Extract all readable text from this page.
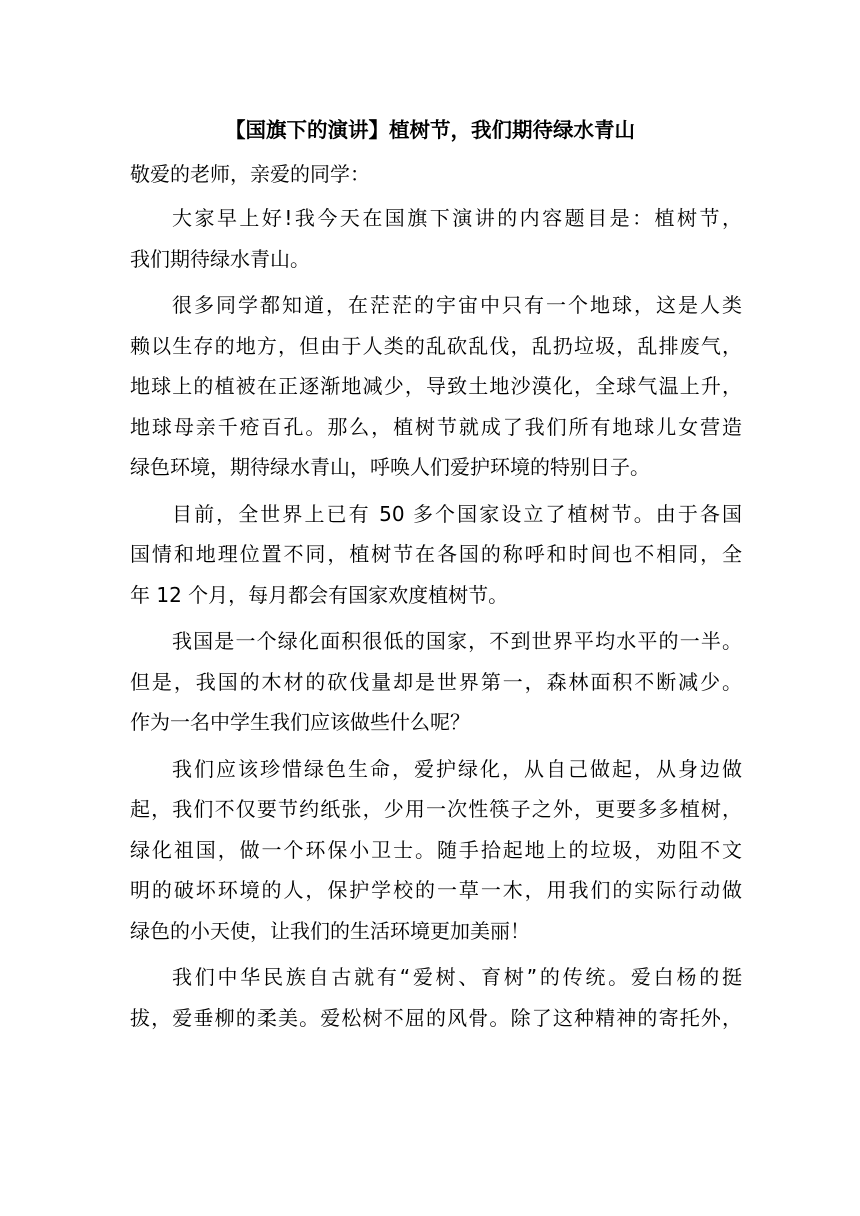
【国旗下的演讲】植树节，我们期待绿水青山

敬爱的老师，亲爱的同学：

大家早上好!我今天在国旗下演讲的内容题目是：植树节，
我们期待绿水青山。

很多同学都知道，在茫茫的宇宙中只有一个地球，这是人类
赖以生存的地方，但由于人类的乱砍乱伐，乱扔垃圾，乱排废气，
地球上的植被在正逐渐地减少，导致土地沙漠化，全球气温上升，
地球母亲千疮百孔。那么，植树节就成了我们所有地球儿女营造
绿色环境，期待绿水青山，呼唤人们爱护环境的特别日子。

目前，全世界上已有 50 多个国家设立了植树节。由于各国
国情和地理位置不同，植树节在各国的称呼和时间也不相同，全
年 12 个月，每月都会有国家欢度植树节。

我国是一个绿化面积很低的国家，不到世界平均水平的一半。
但是，我国的木材的砍伐量却是世界第一，森林面积不断减少。
作为一名中学生我们应该做些什么呢？

我们应该珍惜绿色生命，爱护绿化，从自己做起，从身边做
起，我们不仅要节约纸张，少用一次性筷子之外，更要多多植树，
绿化祖国，做一个环保小卫士。随手拾起地上的垃圾，劝阻不文
明的破坏环境的人，保护学校的一草一木，用我们的实际行动做
绿色的小天使，让我们的生活环境更加美丽！

我们中华民族自古就有“爱树、育树”的传统。爱白杨的挺
拔，爱垂柳的柔美。爱松树不屈的风骨。除了这种精神的寄托外，
